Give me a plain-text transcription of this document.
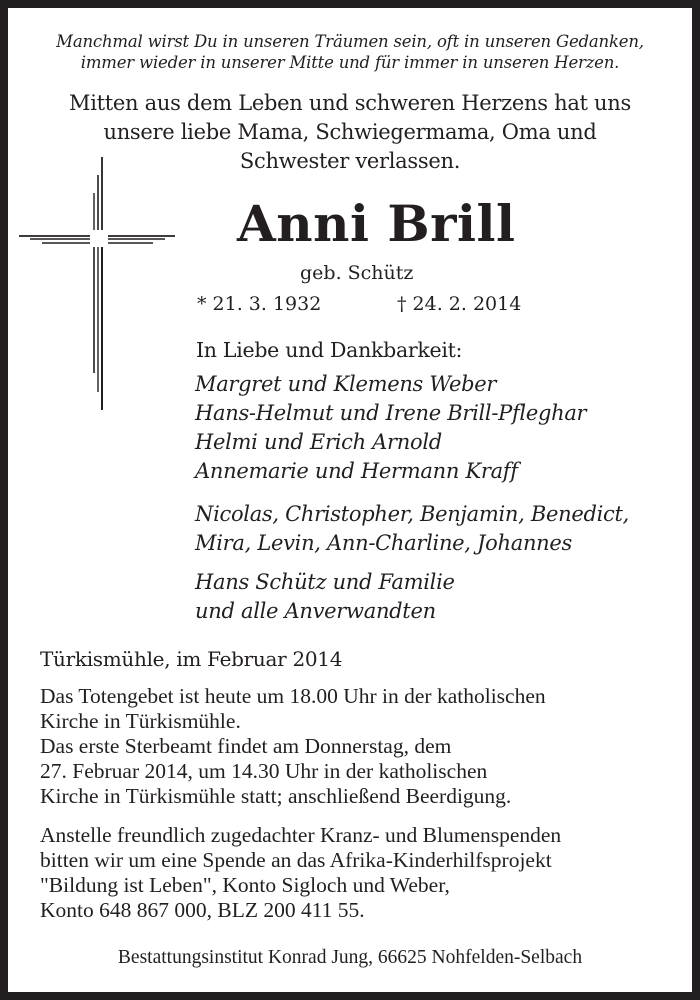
Manchmal wirst Du in unseren Träumen sein, oft in unseren Gedanken,
immer wieder in unserer Mitte und für immer in unseren Herzen.
Mitten aus dem Leben und schweren Herzens hat uns
unsere liebe Mama, Schwiegermama, Oma und
Schwester verlassen.
Anni Brill
geb. Schütz
* 21. 3. 1932	† 24. 2. 2014
In Liebe und Dankbarkeit:
Margret und Klemens Weber
Hans-Helmut und Irene Brill-Pfleghar
Helmi und Erich Arnold
Annemarie und Hermann Kraff
Nicolas, Christopher, Benjamin, Benedict,
Mira, Levin, Ann-Charline, Johannes
Hans Schütz und Familie
und alle Anverwandten
Türkismühle, im Februar 2014
Das Totengebet ist heute um 18.00 Uhr in der katholischen
Kirche in Türkismühle.
Das erste Sterbeamt findet am Donnerstag, dem
27. Februar 2014, um 14.30 Uhr in der katholischen
Kirche in Türkismühle statt; anschließend Beerdigung.
Anstelle freundlich zugedachter Kranz- und Blumenspenden
bitten wir um eine Spende an das Afrika-Kinderhilfsprojekt
"Bildung ist Leben", Konto Sigloch und Weber,
Konto 648 867 000, BLZ 200 411 55.
Bestattungsinstitut Konrad Jung, 66625 Nohfelden-Selbach
